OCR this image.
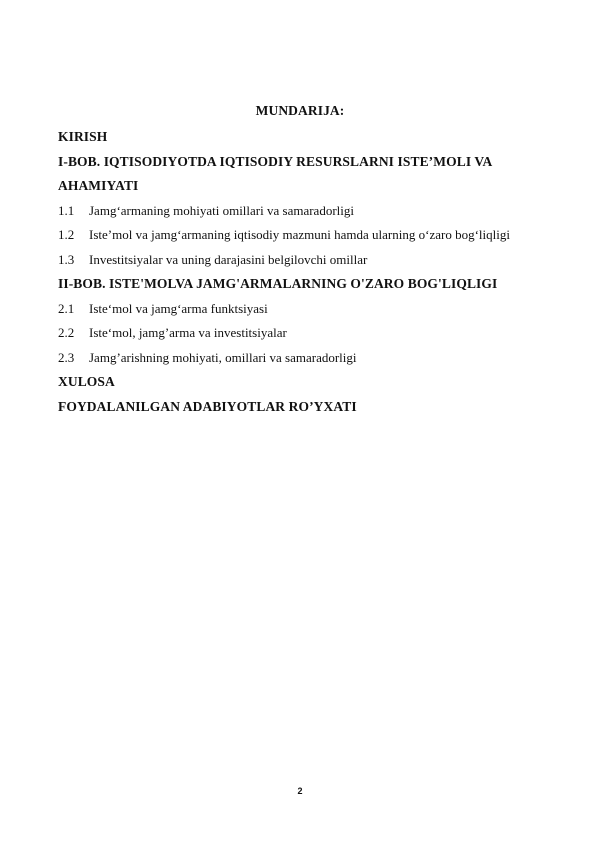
MUNDARIJA:
KIRISH
I-BOB. IQTISODIYOTDA IQTISODIY RESURSLARNI ISTE’MOLI VA
AHAMIYATI
1.1 Jamg‘armaning mohiyati omillari va samaradorligi
1.2 Iste’mol va jamg‘armaning iqtisodiy mazmuni hamda ularning o‘zaro bog‘liqligi
1.3 Investitsiyalar va uning darajasini belgilovchi omillar
II-BOB. ISTE'MOLVA JAMG'ARMALARNING O'ZARO BOG'LIQLIGI
2.1 Iste‘mol va jamg‘arma funktsiyasi
2.2 Iste‘mol, jamg’arma va investitsiyalar
2.3 Jamg’arishning mohiyati, omillari va samaradorligi
XULOSA
FOYDALANILGAN ADABIYOTLAR RO’YXATI
2
